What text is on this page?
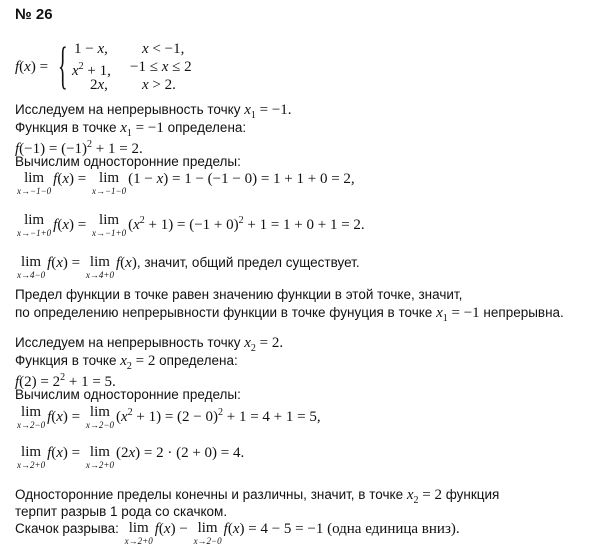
№ 26
f(x) = { 1 − x, x < −1,
$x^2 + 1$, −1 ≤ x ≤ 2
2x, x > 2.
Исследуем на непрерывность точку $x_1 = -1$.
Функция в точке $x_1 = -1$ определена:
$f(-1) = (-1)^2 + 1 = 2$.
Вычислим односторонние пределы:
lim
x→−1−0
f(x) = lim
x→−1−0
(1 − x) = 1 − (−1 − 0) = 1 + 1 + 0 = 2,
lim
x→−1+0 f(x) = lim
x→−1+0 $(x^2 + 1) = (-1 + 0)^2 + 1 = 1 + 0 + 1 = 2$.
lim
x→4−0
f(x) = lim
x→4+0
f(x), значит, общий предел существует.
Предел функции в точке равен значению функции в этой точке, значит,
по определению непрерывности функции в точке фунуция в точке $x_1 = -1$ непрерывна.
Исследуем на непрерывность точку $x_2 = 2$.
Функция в точке $x_2 = 2$ определена:
$f(2) = 2^2 + 1 = 5$.
Вычислим односторонние пределы:
lim
x→2−0 f(x) = lim
x→2−0 $(x^2 + 1) = (2 - 0)^2 + 1 = 4 + 1 = 5$,
lim
x→2+0
f(x) = lim
x→2+0
(2x) = 2 · (2 + 0) = 4.
Односторонние пределы конечны и различны, значит, в точке $x_2 = 2$ функция
терпит разрыв 1 рода со скачком.
Скачок разрыва: lim
x→2+0
f(x) − lim
x→2−0
f(x) = 4 − 5 = −1 (одна единица вниз).
